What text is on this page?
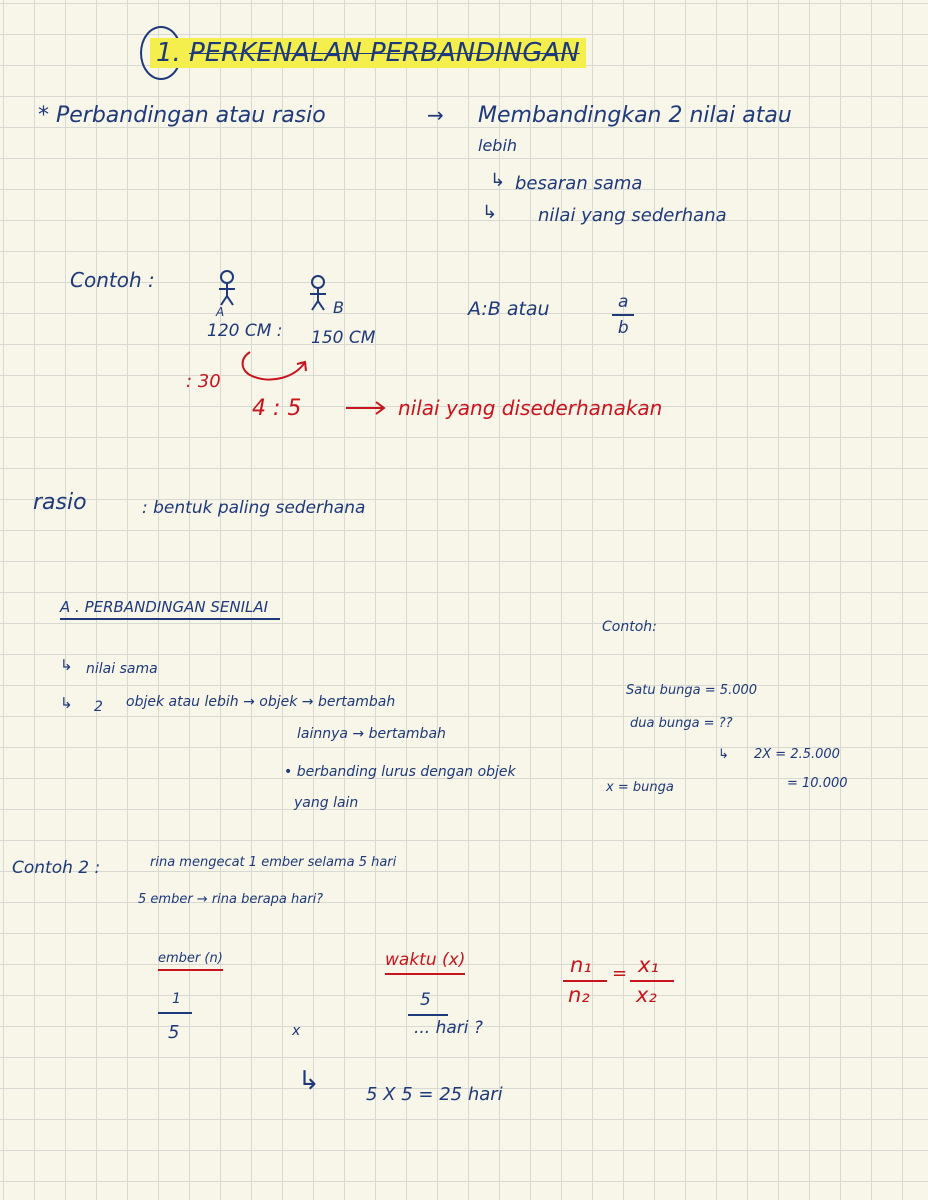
1. PERKENALAN PERBANDINGAN
* Perbandingan atau rasio	→ Membandingkan 2 nilai atau
lebih
↳ besaran sama
↳ nilai yang sederhana
Contoh :
A	B
120 CM : 150 CM
: 30
4 : 5	nilai yang disederhanakan
A:B atau	a
b
rasio	: bentuk paling sederhana
A . PERBANDINGAN SENILAI
↳ nilai sama
↳ 2 objek atau lebih → objek → bertambah
lainnya → bertambah
• berbanding lurus dengan objek
yang lain
Contoh:
Satu bunga = 5.000
dua bunga = ??
↳ 2X = 2.5.000
= 10.000
x = bunga
Contoh 2 :	rina mengecat 1 ember selama 5 hari
5 ember → rina berapa hari?
ember (n)
1
5	x
waktu (x)
5
... hari ?
n₁
n₂
= x₁
x₂
↳	5 X 5 = 25 hari
